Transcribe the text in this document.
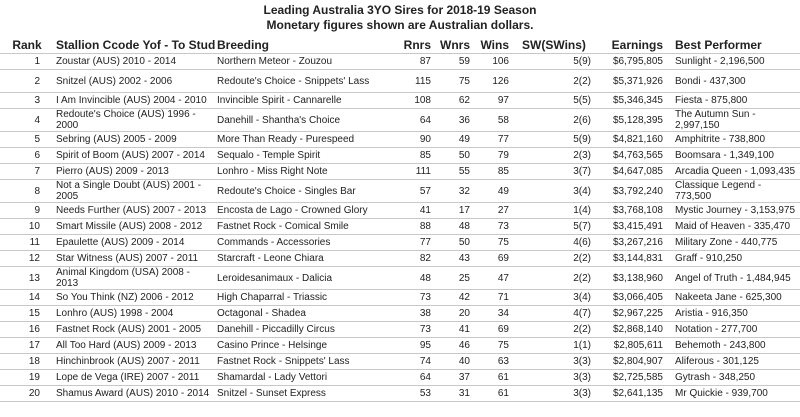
Leading Australia 3YO Sires for 2018-19 Season
Monetary figures shown are Australian dollars.
Rank	Stallion Ccode Yof - To Stud	Breeding	Rnrs	Wnrs	Wins	SW(SWins)	Earnings	Best Performer
1	Zoustar (AUS) 2010 - 2014	Northern Meteor - Zouzou	87	59	106	5(9)	$6,795,805	Sunlight - 2,196,500
2	Snitzel (AUS) 2002 - 2006	Redoute's Choice - Snippets' Lass	115	75	126	2(2)	$5,371,926	Bondi - 437,300
3	I Am Invincible (AUS) 2004 - 2010	Invincible Spirit - Cannarelle	108	62	97	5(5)	$5,346,345	Fiesta - 875,800
4	Redoute's Choice (AUS) 1996 - 2000	Danehill - Shantha's Choice	64	36	58	2(6)	$5,128,395	The Autumn Sun - 2,997,150
5	Sebring (AUS) 2005 - 2009	More Than Ready - Purespeed	90	49	77	5(9)	$4,821,160	Amphitrite - 738,800
6	Spirit of Boom (AUS) 2007 - 2014	Sequalo - Temple Spirit	85	50	79	2(3)	$4,763,565	Boomsara - 1,349,100
7	Pierro (AUS) 2009 - 2013	Lonhro - Miss Right Note	111	55	85	3(7)	$4,647,085	Arcadia Queen - 1,093,435
8	Not a Single Doubt (AUS) 2001 - 2005	Redoute's Choice - Singles Bar	57	32	49	3(4)	$3,792,240	Classique Legend - 773,500
9	Needs Further (AUS) 2007 - 2013	Encosta de Lago - Crowned Glory	41	17	27	1(4)	$3,768,108	Mystic Journey - 3,153,975
10	Smart Missile (AUS) 2008 - 2012	Fastnet Rock - Comical Smile	88	48	73	5(7)	$3,415,491	Maid of Heaven - 335,470
11	Epaulette (AUS) 2009 - 2014	Commands - Accessories	77	50	75	4(6)	$3,267,216	Military Zone - 440,775
12	Star Witness (AUS) 2007 - 2011	Starcraft - Leone Chiara	82	43	69	2(2)	$3,144,831	Graff - 910,250
13	Animal Kingdom (USA) 2008 - 2013	Leroidesanimaux - Dalicia	48	25	47	2(2)	$3,138,960	Angel of Truth - 1,484,945
14	So You Think (NZ) 2006 - 2012	High Chaparral - Triassic	73	42	71	3(4)	$3,066,405	Nakeeta Jane - 625,300
15	Lonhro (AUS) 1998 - 2004	Octagonal - Shadea	38	20	34	4(7)	$2,967,225	Aristia - 916,350
16	Fastnet Rock (AUS) 2001 - 2005	Danehill - Piccadilly Circus	73	41	69	2(2)	$2,868,140	Notation - 277,700
17	All Too Hard (AUS) 2009 - 2013	Casino Prince - Helsinge	95	46	75	1(1)	$2,805,611	Behemoth - 243,800
18	Hinchinbrook (AUS) 2007 - 2011	Fastnet Rock - Snippets' Lass	74	40	63	3(3)	$2,804,907	Aliferous - 301,125
19	Lope de Vega (IRE) 2007 - 2011	Shamardal - Lady Vettori	64	37	61	3(3)	$2,725,585	Gytrash - 348,250
20	Shamus Award (AUS) 2010 - 2014	Snitzel - Sunset Express	53	31	61	3(3)	$2,641,135	Mr Quickie - 939,700
